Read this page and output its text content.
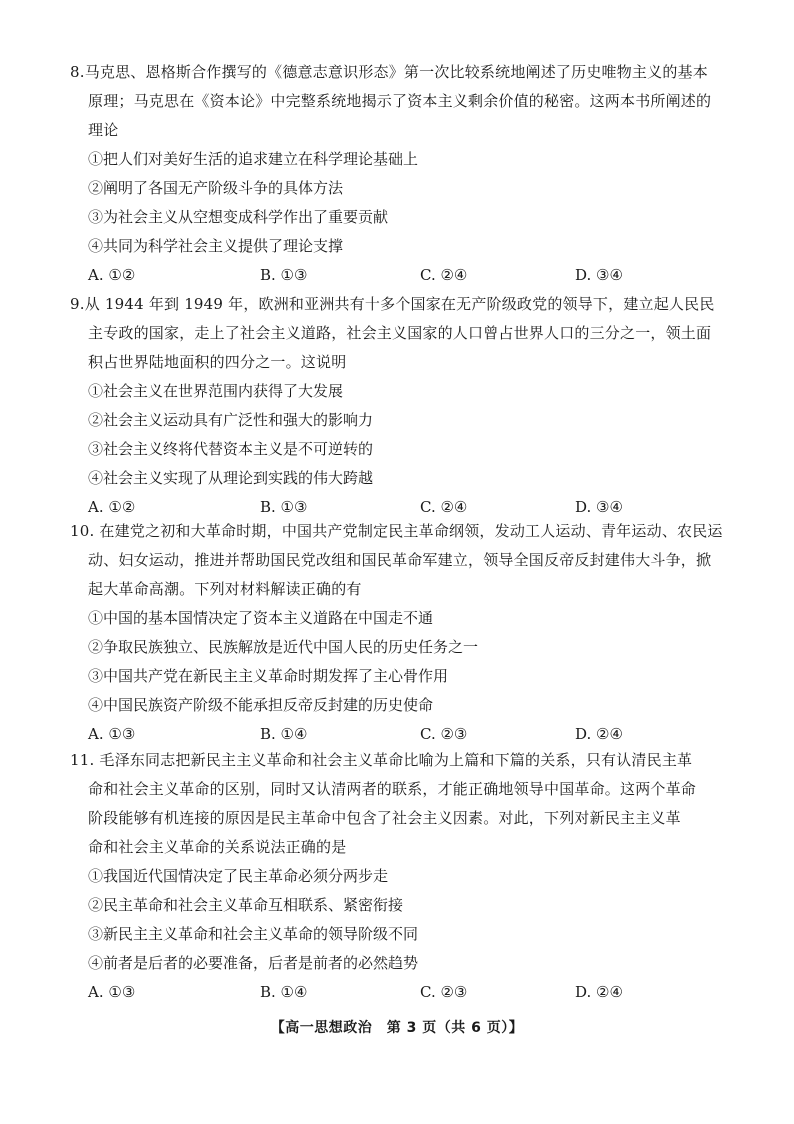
8.马克思、恩格斯合作撰写的《德意志意识形态》第一次比较系统地阐述了历史唯物主义的基本
原理；马克思在《资本论》中完整系统地揭示了资本主义剩余价值的秘密。这两本书所阐述的
理论
①把人们对美好生活的追求建立在科学理论基础上
②阐明了各国无产阶级斗争的具体方法
③为社会主义从空想变成科学作出了重要贡献
④共同为科学社会主义提供了理论支撑
A. ①②	B. ①③	C. ②④	D. ③④
9.从 1944 年到 1949 年，欧洲和亚洲共有十多个国家在无产阶级政党的领导下，建立起人民民
主专政的国家，走上了社会主义道路，社会主义国家的人口曾占世界人口的三分之一，领土面
积占世界陆地面积的四分之一。这说明
①社会主义在世界范围内获得了大发展
②社会主义运动具有广泛性和强大的影响力
③社会主义终将代替资本主义是不可逆转的
④社会主义实现了从理论到实践的伟大跨越
A. ①②	B. ①③	C. ②④	D. ③④
10. 在建党之初和大革命时期，中国共产党制定民主革命纲领，发动工人运动、青年运动、农民运
动、妇女运动，推进并帮助国民党改组和国民革命军建立，领导全国反帝反封建伟大斗争，掀
起大革命高潮。下列对材料解读正确的有
①中国的基本国情决定了资本主义道路在中国走不通
②争取民族独立、民族解放是近代中国人民的历史任务之一
③中国共产党在新民主主义革命时期发挥了主心骨作用
④中国民族资产阶级不能承担反帝反封建的历史使命
A. ①③	B. ①④	C. ②③	D. ②④
11. 毛泽东同志把新民主主义革命和社会主义革命比喻为上篇和下篇的关系，只有认清民主革
命和社会主义革命的区别，同时又认清两者的联系，才能正确地领导中国革命。这两个革命
阶段能够有机连接的原因是民主革命中包含了社会主义因素。对此，下列对新民主主义革
命和社会主义革命的关系说法正确的是
①我国近代国情决定了民主革命必须分两步走
②民主革命和社会主义革命互相联系、紧密衔接
③新民主主义革命和社会主义革命的领导阶级不同
④前者是后者的必要准备，后者是前者的必然趋势
A. ①③	B. ①④	C. ②③	D. ②④
【高一思想政治　第 3 页（共 6 页）】
